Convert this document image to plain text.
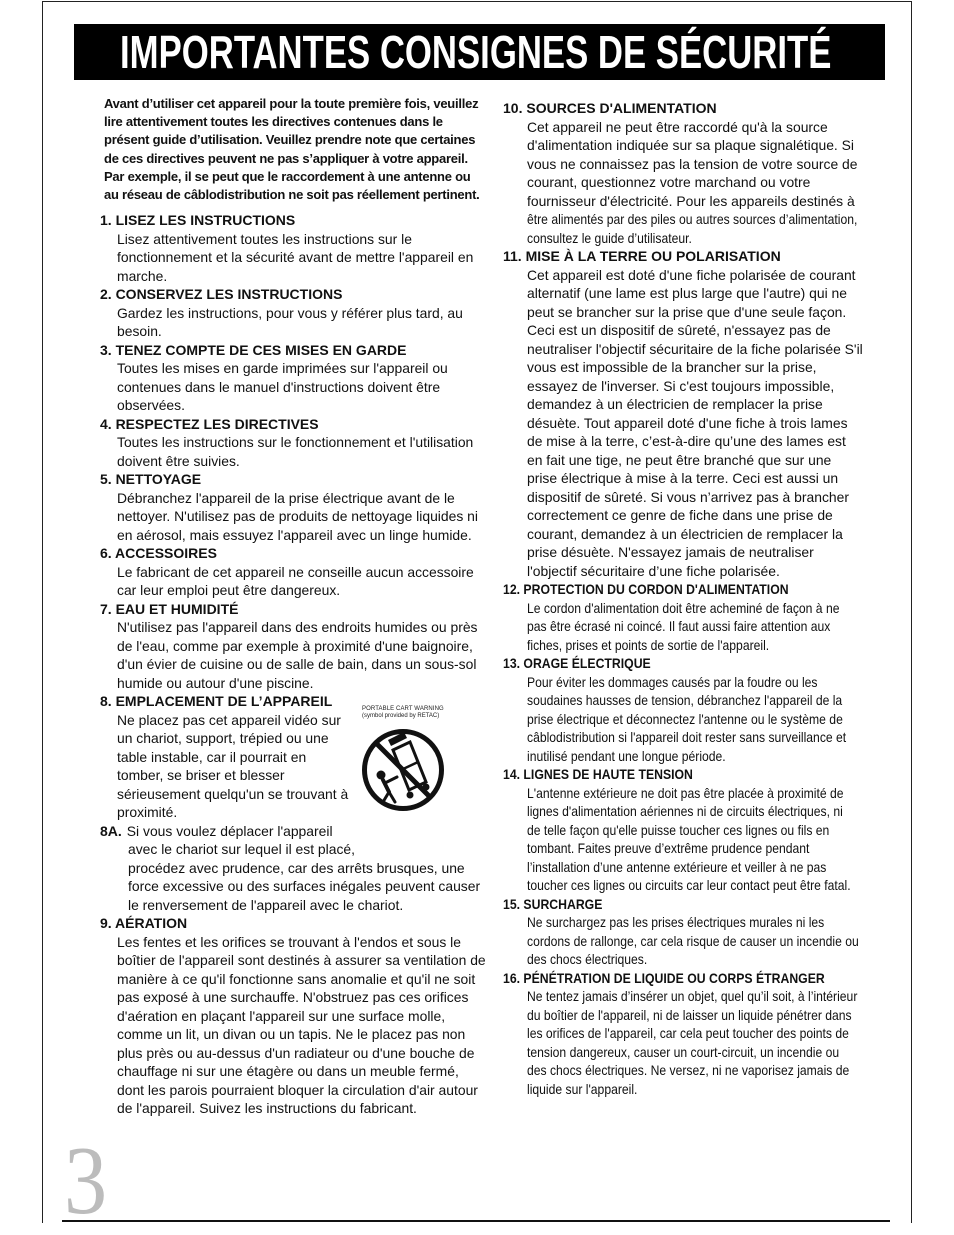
IMPORTANTES CONSIGNES DE SÉCURITÉ
Avant d’utiliser cet appareil pour la toute première fois, veuillez
lire attentivement toutes les directives contenues dans le
présent guide d’utilisation. Veuillez prendre note que certaines
de ces directives peuvent ne pas s’appliquer à votre appareil.
Par exemple, il se peut que le raccordement à une antenne ou
au réseau de câblodistribution ne soit pas réellement pertinent.
1. LISEZ LES INSTRUCTIONS
Lisez attentivement toutes les instructions sur le
fonctionnement et la sécurité avant de mettre l'appareil en
marche.
2. CONSERVEZ LES INSTRUCTIONS
Gardez les instructions, pour vous y référer plus tard, au
besoin.
3. TENEZ COMPTE DE CES MISES EN GARDE
Toutes les mises en garde imprimées sur l'appareil ou
contenues dans le manuel d'instructions doivent être
observées.
4. RESPECTEZ LES DIRECTIVES
Toutes les instructions sur le fonctionnement et l'utilisation
doivent être suivies.
5. NETTOYAGE
Débranchez l'appareil de la prise électrique avant de le
nettoyer. N'utilisez pas de produits de nettoyage liquides ni
en aérosol, mais essuyez l'appareil avec un linge humide.
6. ACCESSOIRES
Le fabricant de cet appareil ne conseille aucun accessoire
car leur emploi peut être dangereux.
7. EAU ET HUMIDITÉ
N'utilisez pas l'appareil dans des endroits humides ou près
de l'eau, comme par exemple à proximité d'une baignoire,
d'un évier de cuisine ou de salle de bain, dans un sous-sol
humide ou autour d'une piscine.
8. EMPLACEMENT DE L’APPAREIL
Ne placez pas cet appareil vidéo sur
un chariot, support, trépied ou une
table instable, car il pourrait en
tomber, se briser et blesser
sérieusement quelqu'un se trouvant à
proximité.
8A. Si vous voulez déplacer l'appareil
avec le chariot sur lequel il est placé,
procédez avec prudence, car des arrêts brusques, une
force excessive ou des surfaces inégales peuvent causer
le renversement de l'appareil avec le chariot.
9. AÉRATION
Les fentes et les orifices se trouvant à l'endos et sous le
boîtier de l'appareil sont destinés à assurer sa ventilation de
manière à ce qu'il fonctionne sans anomalie et qu'il ne soit
pas exposé à une surchauffe. N'obstruez pas ces orifices
d'aération en plaçant l'appareil sur une surface molle,
comme un lit, un divan ou un tapis. Ne le placez pas non
plus près ou au-dessus d'un radiateur ou d'une bouche de
chauffage ni sur une étagère ou dans un meuble fermé,
dont les parois pourraient bloquer la circulation d'air autour
de l'appareil. Suivez les instructions du fabricant.
10. SOURCES D'ALIMENTATION
Cet appareil ne peut être raccordé qu'à la source
d'alimentation indiquée sur sa plaque signalétique. Si
vous ne connaissez pas la tension de votre source de
courant, questionnez votre marchand ou votre
fournisseur d'électricité. Pour les appareils destinés à
être alimentés par des piles ou autres sources d’alimentation,
consultez le guide d’utilisateur.
11. MISE À LA TERRE OU POLARISATION
Cet appareil est doté d'une fiche polarisée de courant
alternatif (une lame est plus large que l'autre) qui ne
peut se brancher sur la prise que d'une seule façon.
Ceci est un dispositif de sûreté, n'essayez pas de
neutraliser l'objectif sécuritaire de la fiche polarisée S'il
vous est impossible de la brancher sur la prise,
essayez de l'inverser. Si c'est toujours impossible,
demandez à un électricien de remplacer la prise
désuète. Tout appareil doté d'une fiche à trois lames
de mise à la terre, c’est-à-dire qu’une des lames est
en fait une tige, ne peut être branché que sur une
prise électrique à mise à la terre. Ceci est aussi un
dispositif de sûreté. Si vous n’arrivez pas à brancher
correctement ce genre de fiche dans une prise de
courant, demandez à un électricien de remplacer la
prise désuète. N'essayez jamais de neutraliser
l'objectif sécuritaire d’une fiche polarisée.
12. PROTECTION DU CORDON D'ALIMENTATION
Le cordon d'alimentation doit être acheminé de façon à ne
pas être écrasé ni coincé. Il faut aussi faire attention aux
fiches, prises et points de sortie de l'appareil.
13. ORAGE ÉLECTRIQUE
Pour éviter les dommages causés par la foudre ou les
soudaines hausses de tension, débranchez l'appareil de la
prise électrique et déconnectez l'antenne ou le système de
câblodistribution si l'appareil doit rester sans surveillance et
inutilisé pendant une longue période.
14. LIGNES DE HAUTE TENSION
L'antenne extérieure ne doit pas être placée à proximité de
lignes d'alimentation aériennes ni de circuits électriques, ni
de telle façon qu'elle puisse toucher ces lignes ou fils en
tombant. Faites preuve d’extrême prudence pendant
l’installation d’une antenne extérieure et veiller à ne pas
toucher ces lignes ou circuits car leur contact peut être fatal.
15. SURCHARGE
Ne surchargez pas les prises électriques murales ni les
cordons de rallonge, car cela risque de causer un incendie ou
des chocs électriques.
16. PÉNÉTRATION DE LIQUIDE OU CORPS ÉTRANGER
Ne tentez jamais d’insérer un objet, quel qu’il soit, à l’intérieur
du boîtier de l'appareil, ni de laisser un liquide pénétrer dans
les orifices de l'appareil, car cela peut toucher des points de
tension dangereux, causer un court-circuit, un incendie ou
des chocs électriques. Ne versez, ni ne vaporisez jamais de
liquide sur l'appareil.
PORTABLE CART WARNING
(symbol provided by RETAC)
3
